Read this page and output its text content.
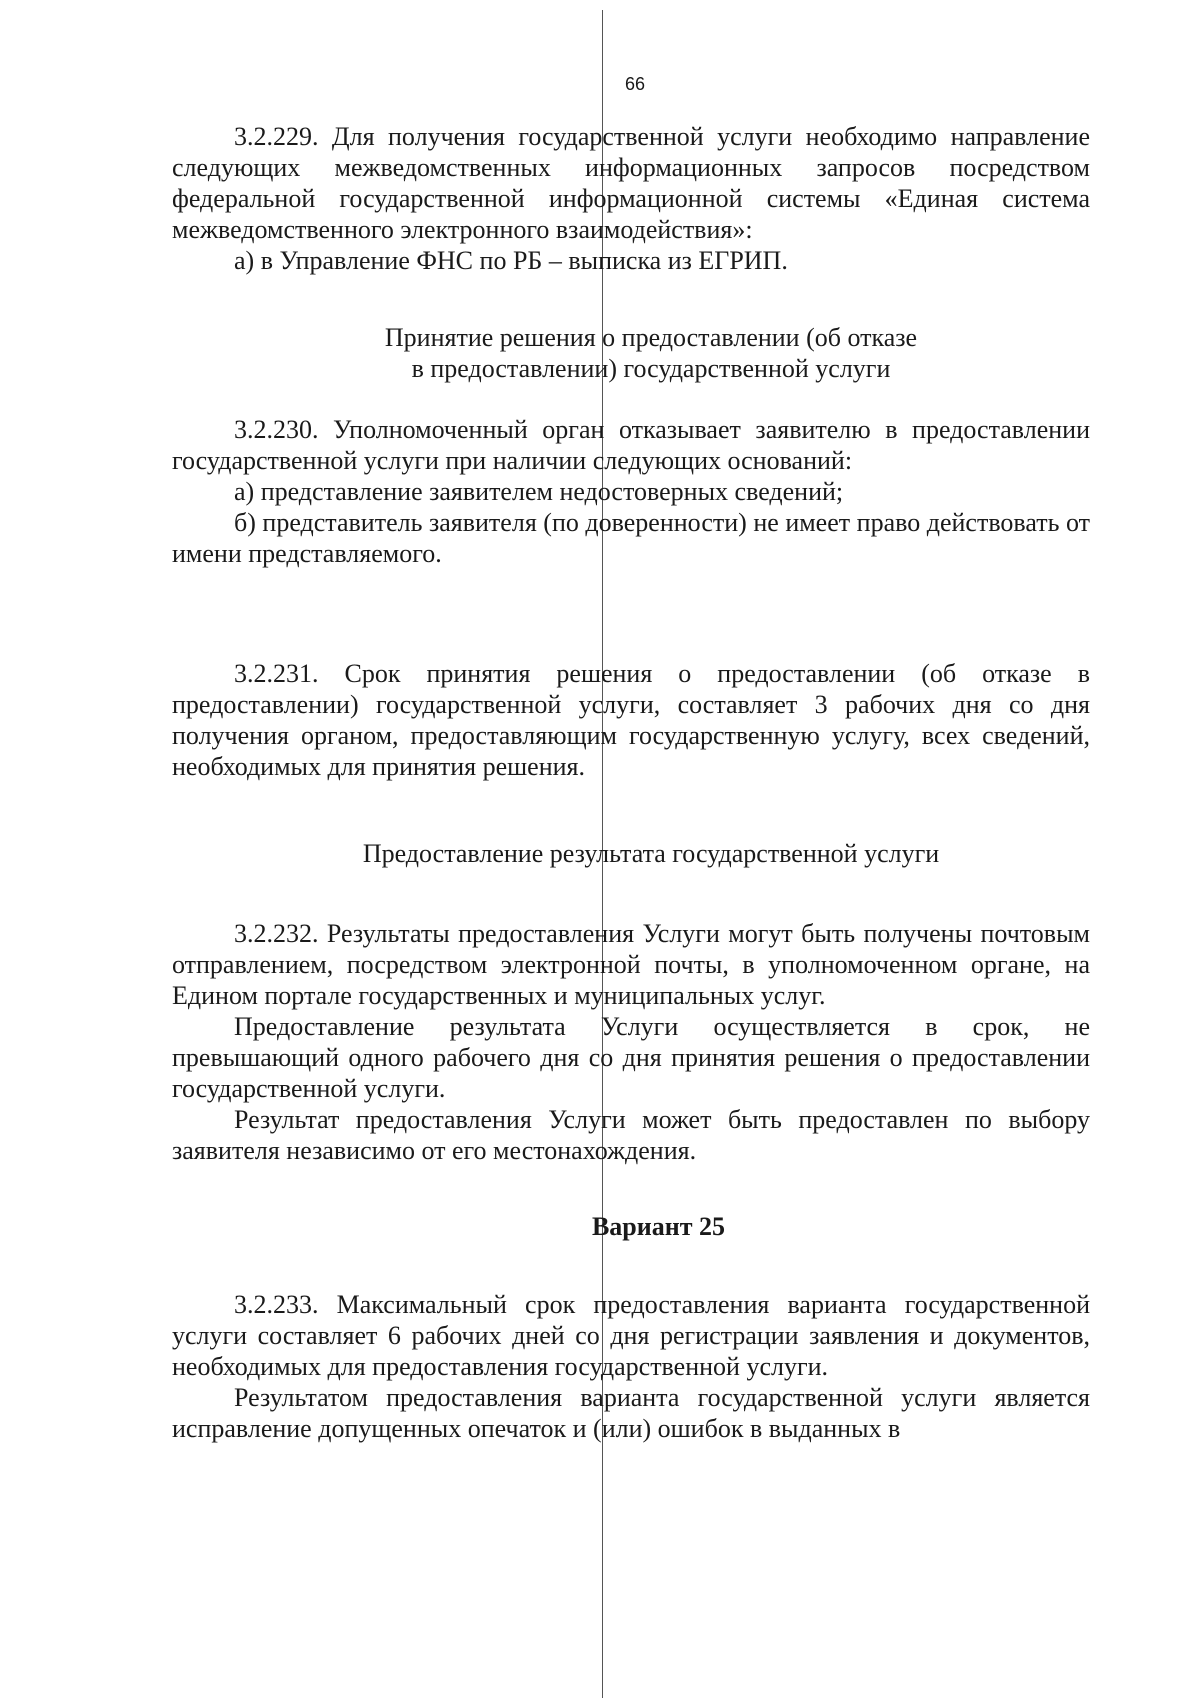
66

3.2.229. Для получения государственной услуги необходимо направление следующих межведомственных информационных запросов посредством федеральной государственной информационной системы «Единая система межведомственного электронного взаимодействия»:

а) в Управление ФНС по РБ – выписка из ЕГРИП.

Принятие решения о предоставлении (об отказе

в предоставлении) государственной услуги

3.2.230. Уполномоченный орган отказывает заявителю в предоставлении государственной услуги при наличии следующих оснований:

а) представление заявителем недостоверных сведений;

б) представитель заявителя (по доверенности) не имеет право действовать от имени представляемого.

3.2.231. Срок принятия решения о предоставлении (об отказе в предоставлении) государственной услуги, составляет 3 рабочих дня со дня получения органом, предоставляющим государственную услугу, всех сведений, необходимых для принятия решения.

Предоставление результата государственной услуги

3.2.232. Результаты предоставления Услуги могут быть получены почтовым отправлением, посредством электронной почты, в уполномоченном органе, на Едином портале государственных и муниципальных услуг.

Предоставление результата Услуги осуществляется в срок, не превышающий одного рабочего дня со дня принятия решения о предоставлении государственной услуги.

Результат предоставления Услуги может быть предоставлен по выбору заявителя независимо от его местонахождения.

Вариант 25

3.2.233. Максимальный срок предоставления варианта государственной услуги составляет 6 рабочих дней со дня регистрации заявления и документов, необходимых для предоставления государственной услуги.

Результатом предоставления варианта государственной услуги является исправление допущенных опечаток и (или) ошибок в выданных в
